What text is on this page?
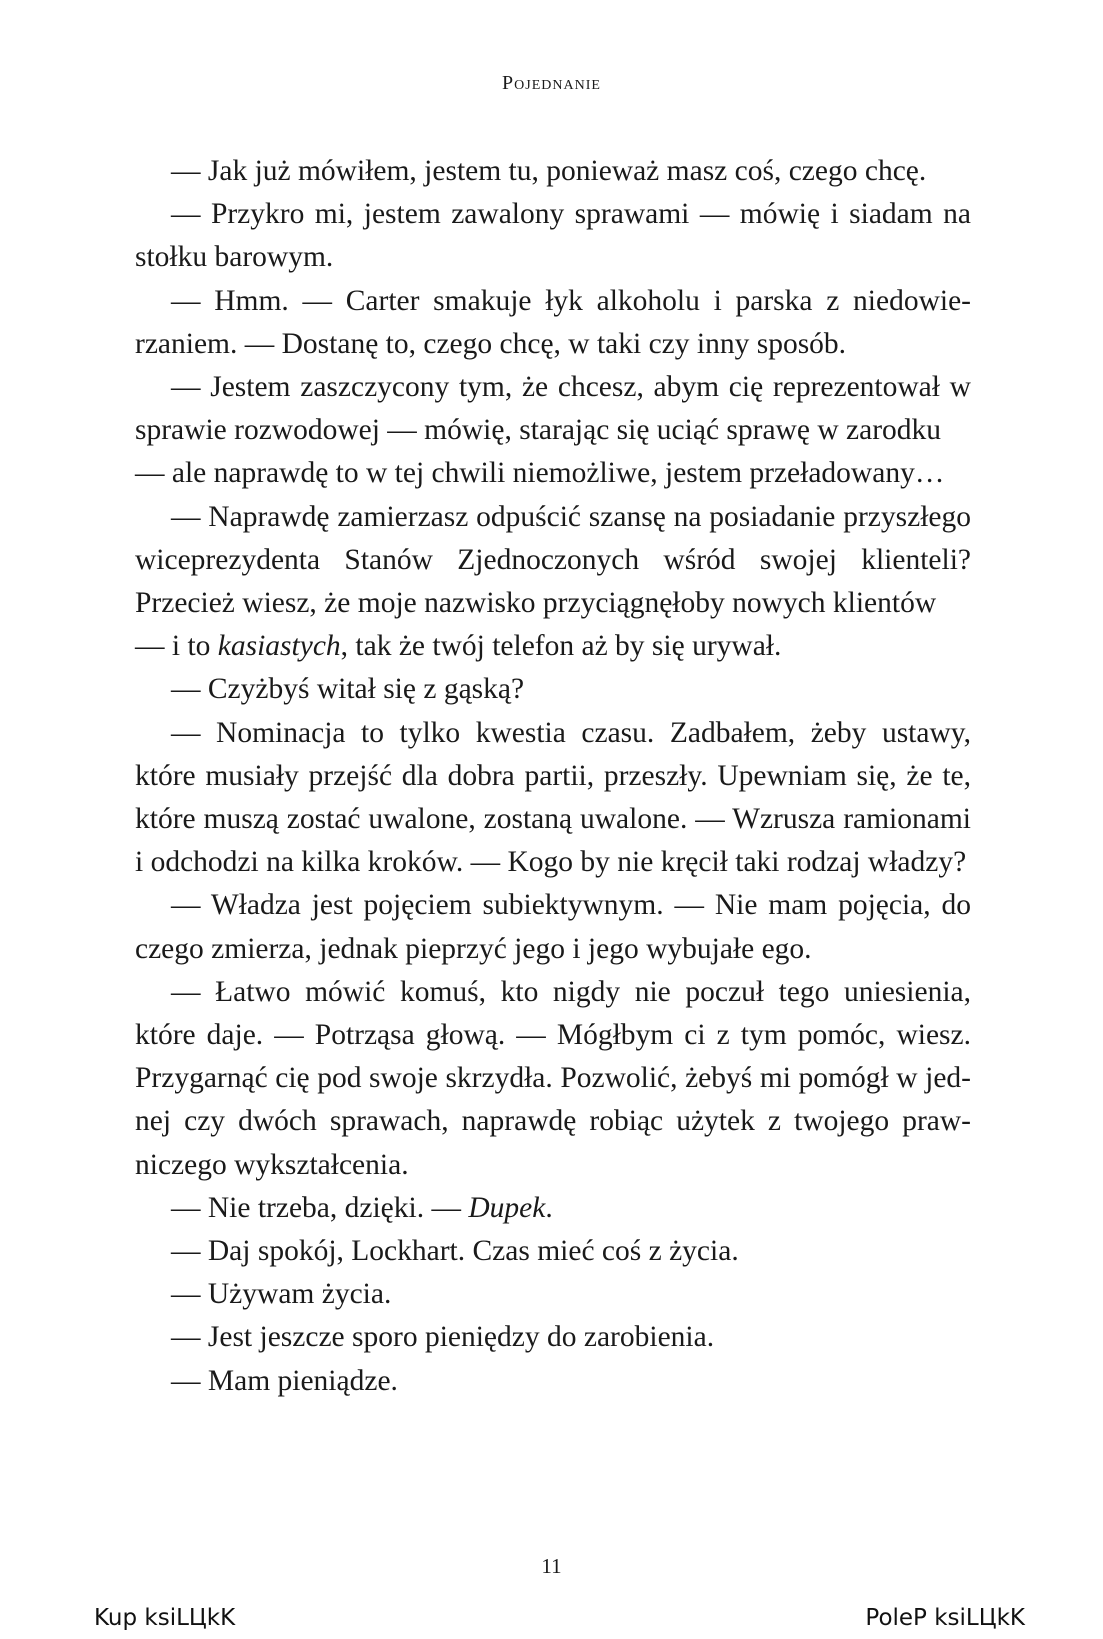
Pojednanie

— Jak już mówiłem, jestem tu, ponieważ masz coś, czego chcę.

— Przykro mi, jestem zawalony sprawami — mówię i siadam na stołku barowym.

— Hmm. — Carter smakuje łyk alkoholu i parska z niedowierzaniem. — Dostanę to, czego chcę, w taki czy inny sposób.

— Jestem zaszczycony tym, że chcesz, abym cię reprezentował w sprawie rozwodowej — mówię, starając się uciąć sprawę w zarodku

— ale naprawdę to w tej chwili niemożliwe, jestem przeładowany…

— Naprawdę zamierzasz odpuścić szansę na posiadanie przyszłego wiceprezydenta Stanów Zjednoczonych wśród swojej klienteli? Przecież wiesz, że moje nazwisko przyciągnęłoby nowych klientów

— i to kasiastych, tak że twój telefon aż by się urywał.

— Czyżbyś witał się z gąską?

— Nominacja to tylko kwestia czasu. Zadbałem, żeby ustawy, które musiały przejść dla dobra partii, przeszły. Upewniam się, że te, które muszą zostać uwalone, zostaną uwalone. — Wzrusza ramionami i odchodzi na kilka kroków. — Kogo by nie kręcił taki rodzaj władzy?

— Władza jest pojęciem subiektywnym. — Nie mam pojęcia, do czego zmierza, jednak pieprzyć jego i jego wybujałe ego.

— Łatwo mówić komuś, kto nigdy nie poczuł tego uniesienia, które daje. — Potrząsa głową. — Mógłbym ci z tym pomóc, wiesz. Przygarnąć cię pod swoje skrzydła. Pozwolić, żebyś mi pomógł w jednej czy dwóch sprawach, naprawdę robiąc użytek z twojego prawniczego wykształcenia.

— Nie trzeba, dzięki. — Dupek.

— Daj spokój, Lockhart. Czas mieć coś z życia.

— Używam życia.

— Jest jeszcze sporo pieniędzy do zarobienia.

— Mam pieniądze.

11
Kup ksiLЦkK	PoleP ksiLЦkK
